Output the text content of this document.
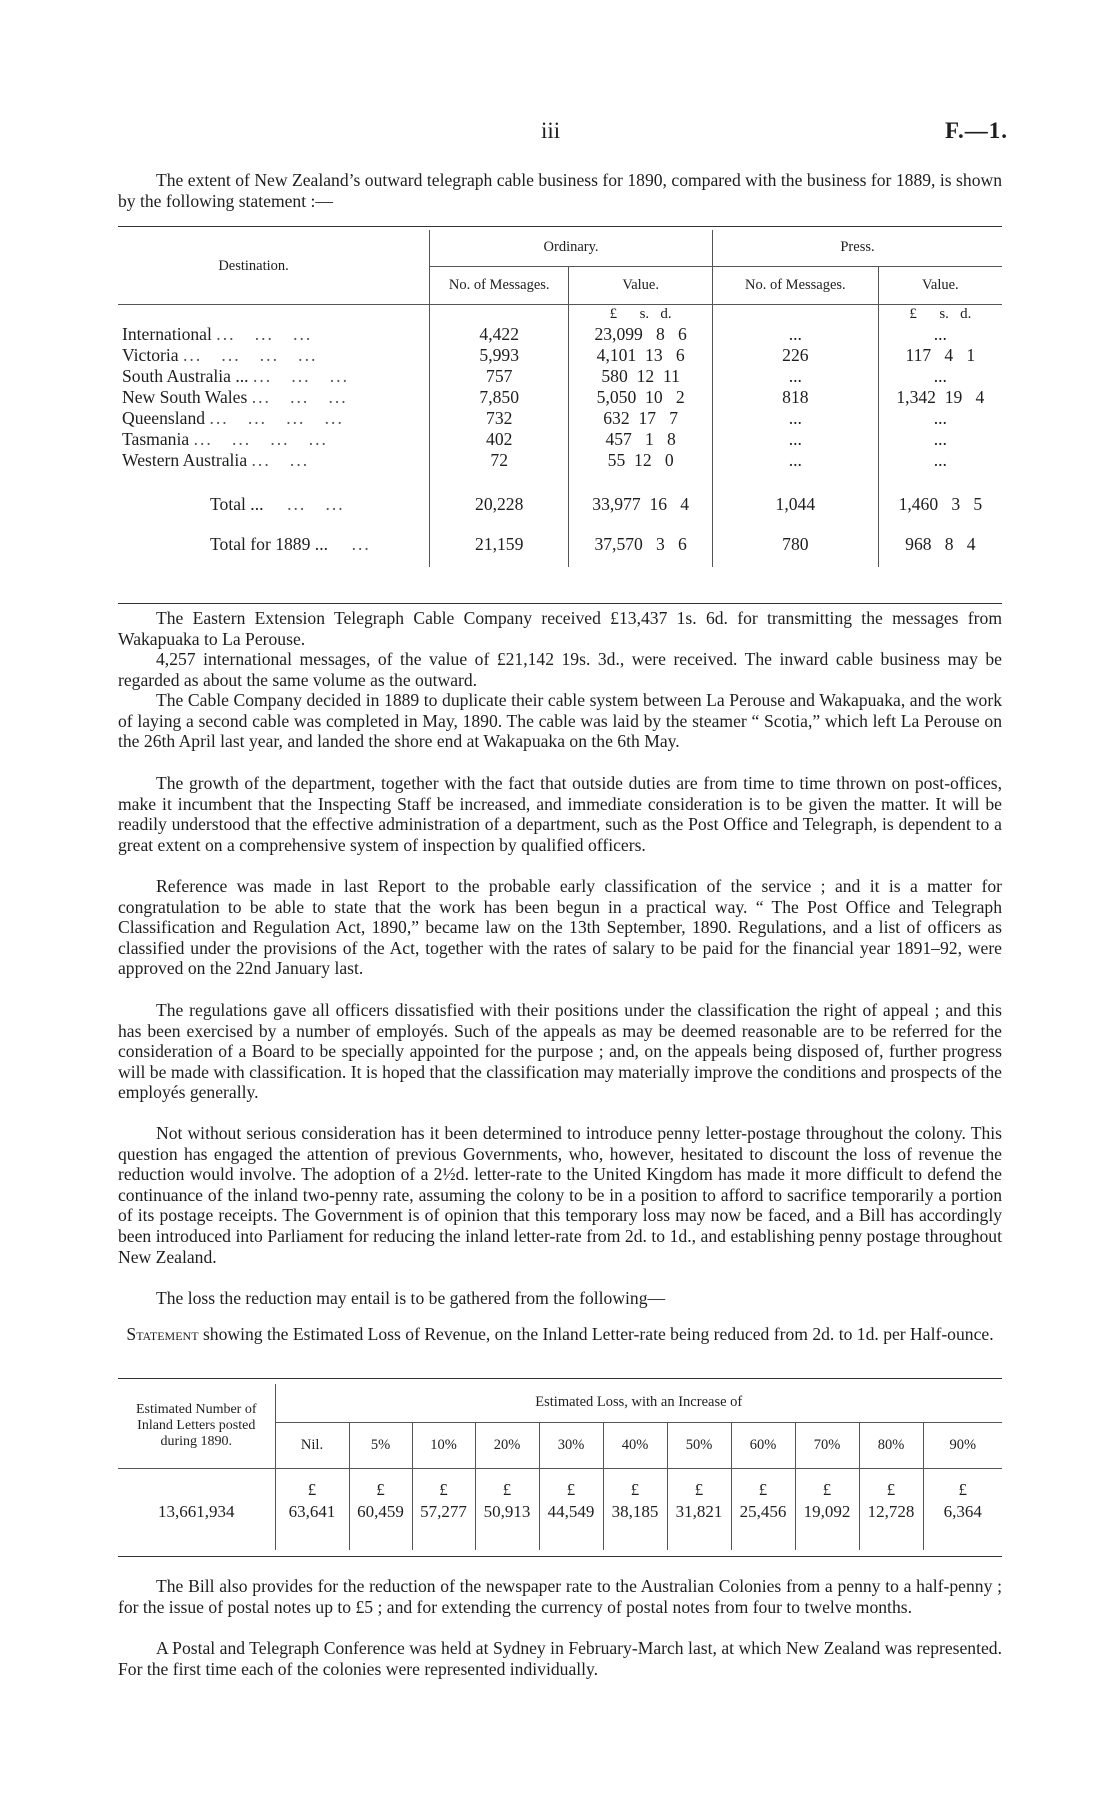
iii	F.—1.

The extent of New Zealand’s outward telegraph cable business for 1890, compared with the business for 1889, is shown by the following statement :—

Destination.	Ordinary.		Press.	
	No. of Messages.	Value.	No. of Messages.	Value.
		£      s.   d.		£      s.   d.
International ...   ...   ...	4,422	23,099   8   6	...	...
Victoria ...   ...   ...   ...	5,993	4,101  13   6	226	117   4   1
South Australia ... ...   ...   ...	757	580  12  11	...	...
New South Wales ...   ...   ...	7,850	5,050  10   2	818	1,342  19   4
Queensland ...   ...   ...   ...	732	632  17   7	...	...
Tasmania ...   ...   ...   ...	402	457   1   8	...	...
Western Australia ...   ...	72	55  12   0	...	...

Total ...    ...   ...	20,228	33,977  16   4	1,044	1,460   3   5

Total for 1889 ...    ...	21,159	37,570   3   6	780	968   8   4

The Eastern Extension Telegraph Cable Company received £13,437 1s. 6d. for transmitting the messages from Wakapuaka to La Perouse.

4,257 international messages, of the value of £21,142 19s. 3d., were received. The inward cable business may be regarded as about the same volume as the outward.

The Cable Company decided in 1889 to duplicate their cable system between La Perouse and Wakapuaka, and the work of laying a second cable was completed in May, 1890. The cable was laid by the steamer “ Scotia,” which left La Perouse on the 26th April last year, and landed the shore end at Wakapuaka on the 6th May.

The growth of the department, together with the fact that outside duties are from time to time thrown on post-offices, make it incumbent that the Inspecting Staff be increased, and immediate consideration is to be given the matter. It will be readily understood that the effective administration of a department, such as the Post Office and Telegraph, is dependent to a great extent on a comprehensive system of inspection by qualified officers.

Reference was made in last Report to the probable early classification of the service ; and it is a matter for congratulation to be able to state that the work has been begun in a practical way. “ The Post Office and Telegraph Classification and Regulation Act, 1890,” became law on the 13th September, 1890. Regulations, and a list of officers as classified under the provisions of the Act, together with the rates of salary to be paid for the financial year 1891–92, were approved on the 22nd January last.

The regulations gave all officers dissatisfied with their positions under the classification the right of appeal ; and this has been exercised by a number of employés. Such of the appeals as may be deemed reasonable are to be referred for the consideration of a Board to be specially appointed for the purpose ; and, on the appeals being disposed of, further progress will be made with classification. It is hoped that the classification may materially improve the conditions and prospects of the employés generally.

Not without serious consideration has it been determined to introduce penny letter-postage throughout the colony. This question has engaged the attention of previous Governments, who, however, hesitated to discount the loss of revenue the reduction would involve. The adoption of a 2½d. letter-rate to the United Kingdom has made it more difficult to defend the continuance of the inland two-penny rate, assuming the colony to be in a position to afford to sacrifice temporarily a portion of its postage receipts. The Government is of opinion that this temporary loss may now be faced, and a Bill has accordingly been introduced into Parliament for reducing the inland letter-rate from 2d. to 1d., and establishing penny postage throughout New Zealand.

The loss the reduction may entail is to be gathered from the following—

Statement showing the Estimated Loss of Revenue, on the Inland Letter-rate being reduced from 2d. to 1d. per Half-ounce.

Estimated Number of Inland Letters posted during 1890.	Estimated Loss, with an Increase of										
	Nil.	5%	10%	20%	30%	40%	50%	60%	70%	80%	90%
	£	£	£	£	£	£	£	£	£	£	£
13,661,934	63,641	60,459	57,277	50,913	44,549	38,185	31,821	25,456	19,092	12,728	6,364

The Bill also provides for the reduction of the newspaper rate to the Australian Colonies from a penny to a half-penny ; for the issue of postal notes up to £5 ; and for extending the currency of postal notes from four to twelve months.

A Postal and Telegraph Conference was held at Sydney in February-March last, at which New Zealand was represented. For the first time each of the colonies were represented individually.
